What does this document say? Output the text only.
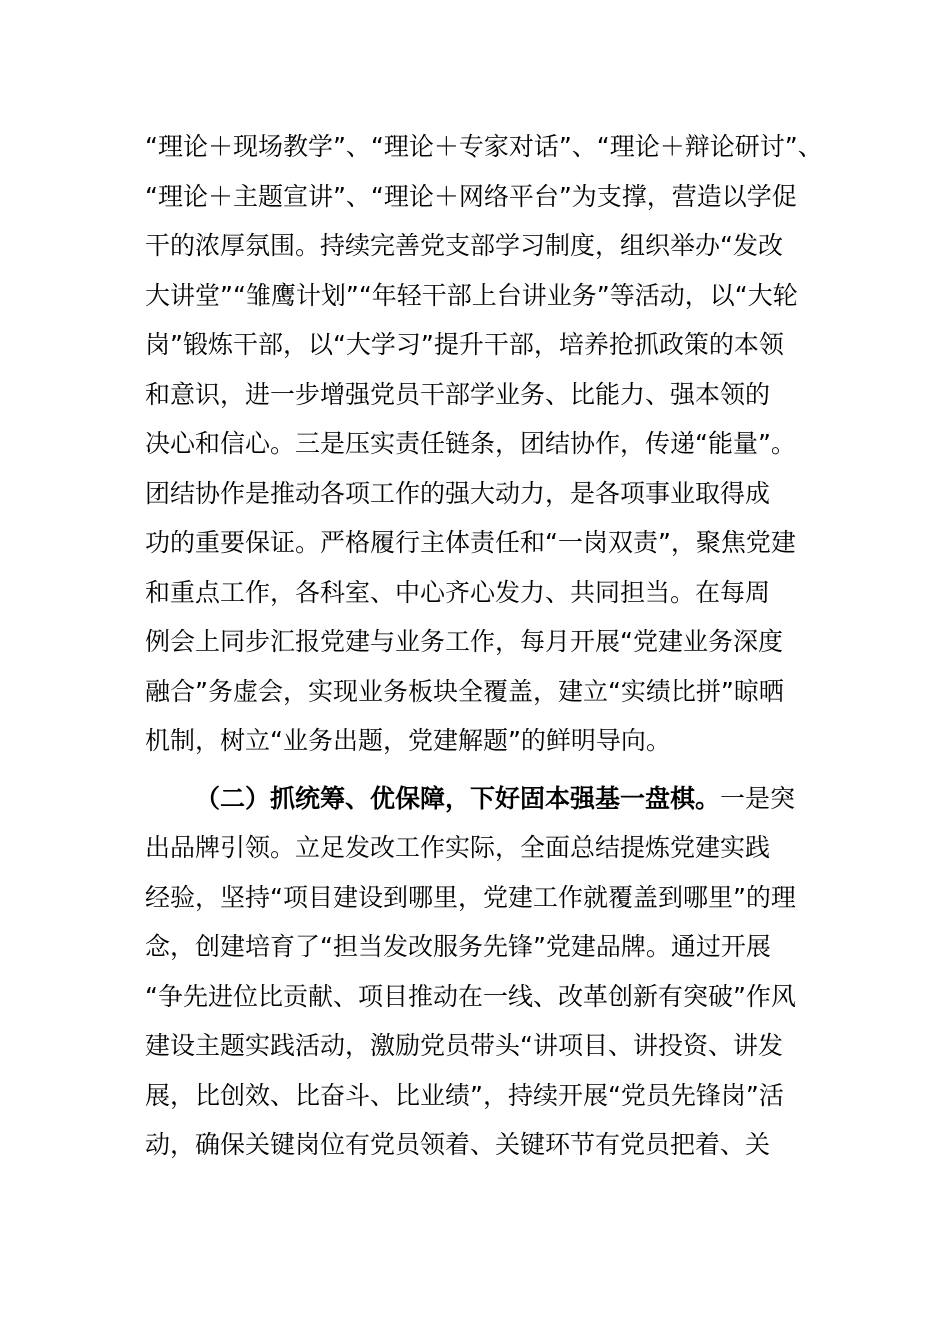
“理论＋现场教学”、“理论＋专家对话”、“理论＋辩论研讨”、
“理论＋主题宣讲”、“理论＋网络平台”为支撑，营造以学促
干的浓厚氛围。持续完善党支部学习制度，组织举办“发改
大讲堂”“雏鹰计划”“年轻干部上台讲业务”等活动，以“大轮
岗”锻炼干部，以“大学习”提升干部，培养抢抓政策的本领
和意识，进一步增强党员干部学业务、比能力、强本领的
决心和信心。三是压实责任链条，团结协作，传递“能量”。
团结协作是推动各项工作的强大动力，是各项事业取得成
功的重要保证。严格履行主体责任和“一岗双责”，聚焦党建
和重点工作，各科室、中心齐心发力、共同担当。在每周
例会上同步汇报党建与业务工作，每月开展“党建业务深度
融合”务虚会，实现业务板块全覆盖，建立“实绩比拼”晾晒
机制，树立“业务出题，党建解题”的鲜明导向。
（二）抓统筹、优保障，下好固本强基一盘棋。一是突
出品牌引领。立足发改工作实际，全面总结提炼党建实践
经验，坚持“项目建设到哪里，党建工作就覆盖到哪里”的理
念，创建培育了“担当发改服务先锋”党建品牌。通过开展
“争先进位比贡献、项目推动在一线、改革创新有突破”作风
建设主题实践活动，激励党员带头“讲项目、讲投资、讲发
展，比创效、比奋斗、比业绩”，持续开展“党员先锋岗”活
动，确保关键岗位有党员领着、关键环节有党员把着、关
